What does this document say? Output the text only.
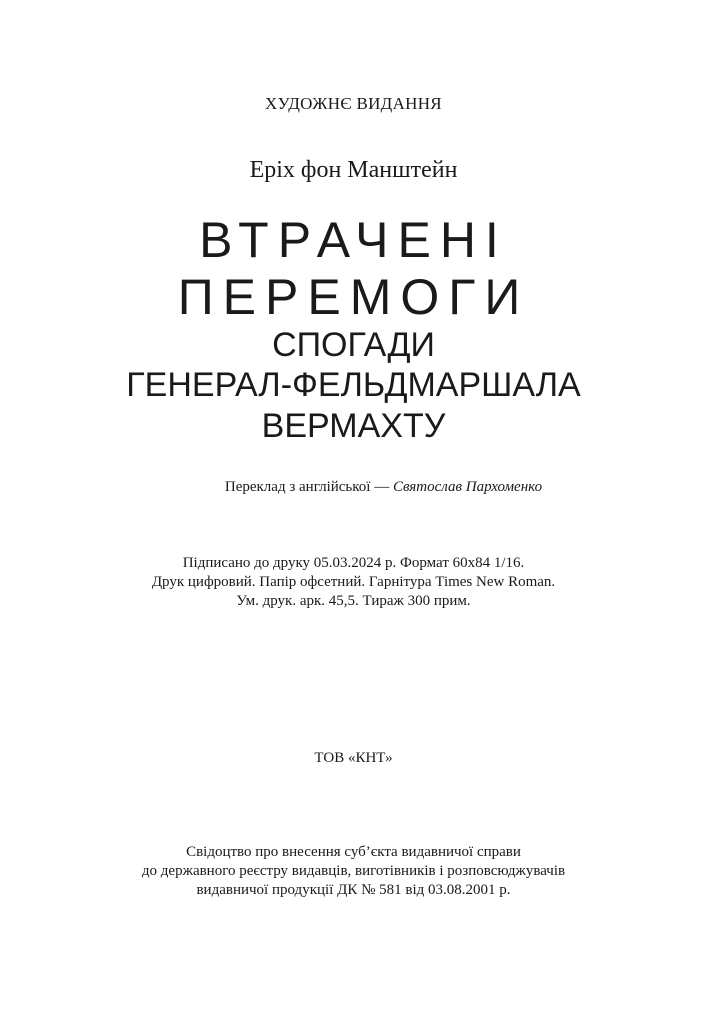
ХУДОЖНЄ ВИДАННЯ

Еріх фон Манштейн

ВТРАЧЕНІ
ПЕРЕМОГИ

СПОГАДИ

ГЕНЕРАЛ-ФЕЛЬДМАРШАЛА

ВЕРМАХТУ

Переклад з англійської — Святослав Пархоменко

Підписано до друку 05.03.2024 р. Формат 60х84 1/16.

Друк цифровий. Папір офсетний. Гарнітура Times New Roman.

Ум. друк. арк. 45,5. Тираж 300 прим.

ТОВ «КНТ»

Свідоцтво про внесення суб’єкта видавничої справи

до державного реєстру видавців, виготівників і розповсюджувачів

видавничої продукції ДК № 581 від 03.08.2001 р.
